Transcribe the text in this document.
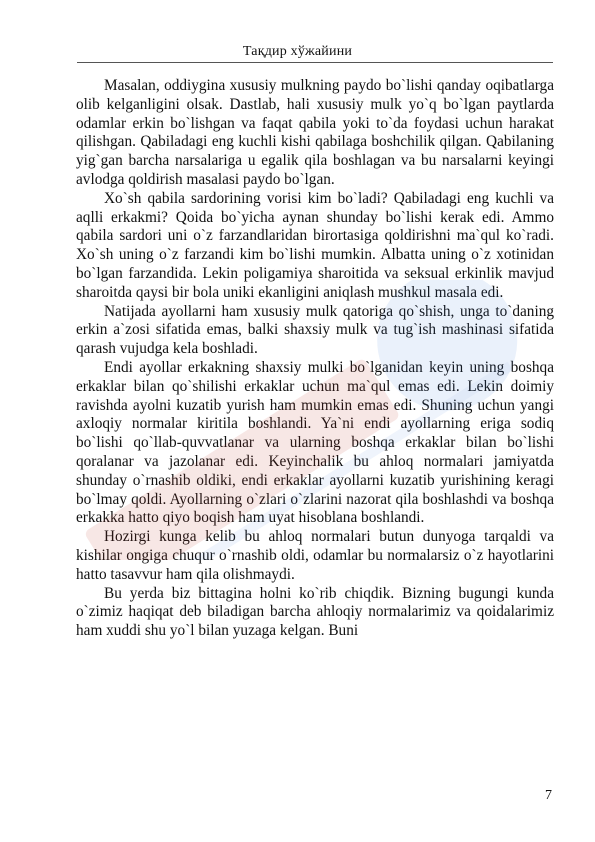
Тақдир хўжайини

Masalan, oddiygina xususiy mulkning paydo bo`lishi qanday oqibatlarga olib kelganligini olsak. Dastlab, hali xususiy mulk yo`q bo`lgan paytlarda odamlar erkin bo`lishgan va faqat qabila yoki to`da foydasi uchun harakat qilishgan. Qabiladagi eng kuchli kishi qabilaga boshchilik qilgan. Qabilaning yig`gan barcha narsalariga u egalik qila boshlagan va bu narsalarni keyingi avlodga qoldirish masalasi paydo bo`lgan.

Xo`sh qabila sardorining vorisi kim bo`ladi? Qabiladagi eng kuchli va aqlli erkakmi? Qoida bo`yicha aynan shunday bo`lishi kerak edi. Ammo qabila sardori uni o`z farzandlaridan birortasiga qoldirishni ma`qul ko`radi. Xo`sh uning o`z farzandi kim bo`lishi mumkin. Albatta uning o`z xotinidan bo`lgan farzandida. Lekin poligamiya sharoitida va seksual erkinlik mavjud sharoitda qaysi bir bola uniki ekanligini aniqlash mushkul masala edi.

Natijada ayollarni ham xususiy mulk qatoriga qo`shish, unga to`daning erkin a`zosi sifatida emas, balki shaxsiy mulk va tug`ish mashinasi sifatida qarash vujudga kela boshladi.

Endi ayollar erkakning shaxsiy mulki bo`lganidan keyin uning boshqa erkaklar bilan qo`shilishi erkaklar uchun ma`qul emas edi. Lekin doimiy ravishda ayolni kuzatib yurish ham mumkin emas edi. Shuning uchun yangi axloqiy normalar kiritila boshlandi. Ya`ni endi ayollarning eriga sodiq bo`lishi qo`llab-quvvatlanar va ularning boshqa erkaklar bilan bo`lishi qoralanar va jazolanar edi. Keyinchalik bu ahloq normalari jamiyatda shunday o`rnashib oldiki, endi erkaklar ayollarni kuzatib yurishining keragi bo`lmay qoldi. Ayollarning o`zlari o`zlarini nazorat qila boshlashdi va boshqa erkakka hatto qiyo boqish ham uyat hisoblana boshlandi.

Hozirgi kunga kelib bu ahloq normalari butun dunyoga tarqaldi va kishilar ongiga chuqur o`rnashib oldi, odamlar bu normalarsiz o`z hayotlarini hatto tasavvur ham qila olishmaydi.

Bu yerda biz bittagina holni ko`rib chiqdik. Bizning bugungi kunda o`zimiz haqiqat deb biladigan barcha ahloqiy normalarimiz va qoidalarimiz ham xuddi shu yo`l bilan yuzaga kelgan. Buni

7
